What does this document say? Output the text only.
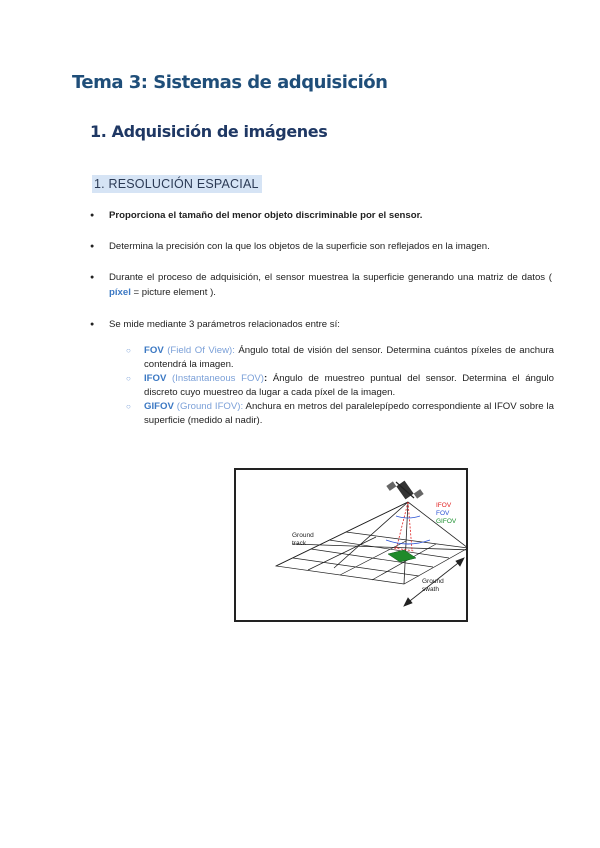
Tema 3: Sistemas de adquisición
1. Adquisición de imágenes
1. RESOLUCIÓN ESPACIAL
● Proporciona el tamaño del menor objeto discriminable por el sensor.
● Determina la precisión con la que los objetos de la superficie son reflejados en la imagen.
● Durante el proceso de adquisición, el sensor muestrea la superficie generando una matriz de datos ( píxel = picture element ).
● Se mide mediante 3 parámetros relacionados entre sí:
○ FOV (Field Of View): Ángulo total de visión del sensor. Determina cuántos píxeles de anchura contendrá la imagen.
○ IFOV (Instantaneous FOV): Ángulo de muestreo puntual del sensor. Determina el ángulo discreto cuyo muestreo da lugar a cada píxel de la imagen.
○ GIFOV (Ground IFOV): Anchura en metros del paralelepípedo correspondiente al IFOV sobre la superficie (medido al nadir).
IFOV
FOV
GIFOV
Ground
track
Ground
swath
